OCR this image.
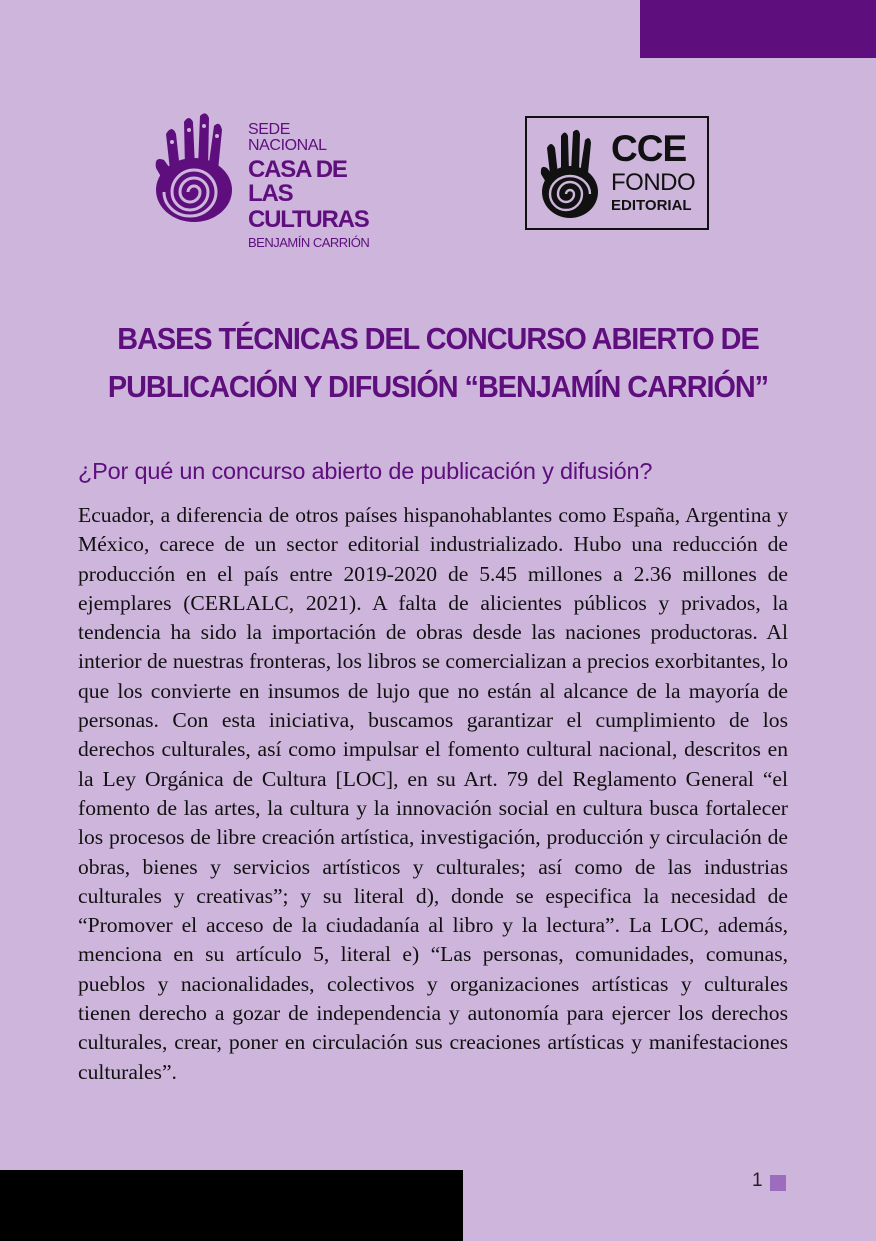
SEDE NACIONAL
CASA DE LAS
CULTURAS
BENJAMÍN CARRIÓN
CCE
FONDO
EDITORIAL
BASES TÉCNICAS DEL CONCURSO ABIERTO DE PUBLICACIÓN Y DIFUSIÓN “BENJAMÍN CARRIÓN”
¿Por qué un concurso abierto de publicación y difusión?

Ecuador, a diferencia de otros países hispanohablantes como España, Argentina y México, carece de un sector editorial industrializado. Hubo una reducción de producción en el país entre 2019-2020 de 5.45 millones a 2.36 millones de ejemplares (CERLALC, 2021). A falta de alicientes públicos y privados, la tendencia ha sido la importación de obras desde las naciones productoras. Al interior de nuestras fronteras, los libros se comercializan a precios exorbitantes, lo que los convierte en insumos de lujo que no están al alcance de la mayoría de personas. Con esta iniciativa, buscamos garantizar el cumplimiento de los derechos culturales, así como impulsar el fomento cultural nacional, descritos en la Ley Orgánica de Cultura [LOC], en su Art. 79 del Reglamento General “el fomento de las artes, la cultura y la innovación social en cultura busca fortalecer los procesos de libre creación artística, investigación, producción y circulación de obras, bienes y servicios artísticos y culturales; así como de las industrias culturales y creativas”; y su literal d), donde se especifica la necesidad de “Promover el acceso de la ciudadanía al libro y la lectura”. La LOC, además, menciona en su artículo 5, literal e) “Las personas, comunidades, comunas, pueblos y nacionalidades, colectivos y organizaciones artísticas y culturales tienen derecho a gozar de independencia y autonomía para ejercer los derechos culturales, crear, poner en circulación sus creaciones artísticas y manifestaciones culturales”.

1
